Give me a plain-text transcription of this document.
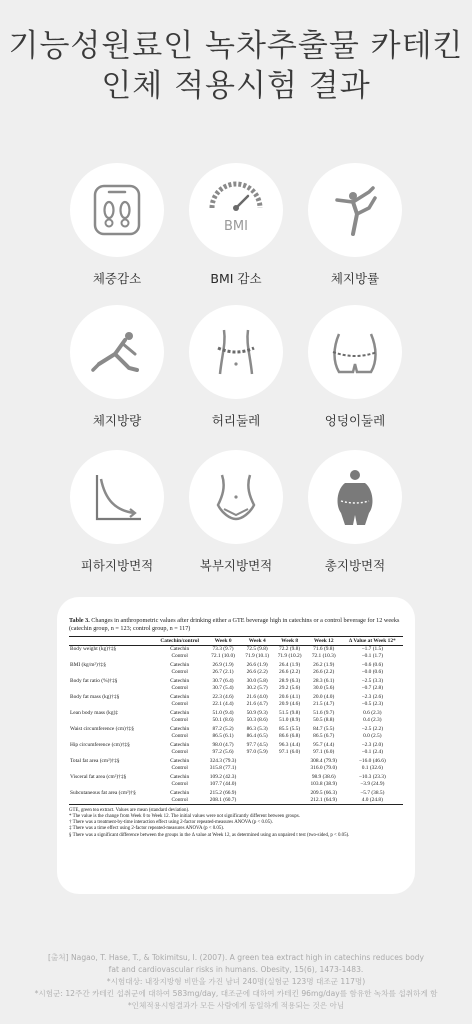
기능성원료인 녹차추출물 카테킨
인체 적용시험 결과
체중감소
BMI
BMI 감소	체지방률
체지방량	허리둘레	엉덩이둘레
피하지방면적	복부지방면적	총지방면적
Table 3. Changes in anthropometric values after drinking either a GTE beverage high in catechins or a control beverage for 12 weeks (catechin group, n = 123; control group, n = 117)
	Catechin/control	Week 0	Week 4	Week 8	Week 12	Δ Value at Week 12*
Body weight (kg)†‡§	Catechin	73.3 (9.7)	72.5 (9.8)	72.2 (9.8)	71.6 (9.8)	−1.7 (1.5)
	Control	72.1 (10.0)	71.9 (10.1)	71.9 (10.2)	72.1 (10.3)	−0.1 (1.7)
BMI (kg/m²)†‡§	Catechin	26.9 (1.9)	26.6 (1.9)	26.4 (1.9)	26.2 (1.9)	−0.6 (0.6)
	Control	26.7 (2.1)	26.6 (2.2)	26.6 (2.2)	26.6 (2.2)	−0.0 (0.6)
Body fat ratio (%)†‡§	Catechin	30.7 (6.4)	30.0 (5.8)	28.9 (6.3)	28.3 (6.1)	−2.5 (3.3)
	Control	30.7 (5.4)	30.2 (5.7)	29.2 (5.6)	30.0 (5.6)	−0.7 (2.8)
Body fat mass (kg)†‡§	Catechin	22.3 (4.6)	21.6 (4.0)	20.6 (4.1)	20.0 (4.0)	−2.3 (2.6)
	Control	22.1 (4.4)	21.6 (4.7)	20.9 (4.6)	21.5 (4.7)	−0.5 (2.3)
Lean body mass (kg)‡	Catechin	51.0 (9.4)	50.9 (9.3)	51.5 (9.8)	51.6 (9.7)	0.6 (2.3)
	Control	50.1 (8.6)	50.3 (8.6)	51.0 (8.9)	50.5 (8.8)	0.4 (2.3)
Waist circumference (cm)†‡§	Catechin	87.2 (5.2)	86.3 (5.3)	85.5 (5.5)	84.7 (5.5)	−2.5 (2.2)
	Control	86.5 (6.1)	86.4 (6.5)	86.6 (6.8)	86.5 (6.7)	0.0 (2.5)
Hip circumference (cm)†‡§	Catechin	98.0 (4.7)	97.7 (4.5)	96.3 (4.4)	95.7 (4.4)	−2.3 (2.0)
	Control	97.2 (5.6)	97.0 (5.9)	97.1 (6.0)	97.1 (6.0)	−0.1 (2.4)
Total fat area (cm²)†‡§	Catechin	324.3 (79.3)			308.4 (79.9)	−16.0 (46.6)
	Control	315.8 (77.1)			316.0 (79.0)	0.1 (32.6)
Visceral fat area (cm²)†‡§	Catechin	109.2 (42.3)			98.9 (38.6)	−10.3 (23.3)
	Control	107.7 (44.0)			103.8 (38.9)	−3.9 (24.9)
Subcutaneous fat area (cm²)†§	Catechin	215.2 (66.9)			209.5 (66.3)	−5.7 (38.5)
	Control	208.1 (60.7)			212.1 (64.9)	4.0 (24.8)
GTE, green tea extract. Values are mean (standard deviation).
* The value is the change from Week 0 to Week 12. The initial values were not significantly different between groups.
† There was a treatment-by-time interaction effect using 2-factor repeated-measures ANOVA (p < 0.05).
‡ There was a time effect using 2-factor repeated-measures ANOVA (p < 0.05).
§ There was a significant difference between the groups in the Δ value at Week 12, as determined using an unpaired t test (two-sided, p < 0.05).
[출처] Nagao, T. Hase, T., & Tokimitsu, I. (2007). A green tea extract high in catechins reduces body
fat and cardiovascular risks in humans. Obesity, 15(6), 1473-1483.
*시험대상: 내장지방형 비만을 가진 남녀 240명(실험군 123명 대조군 117명)
*시험군: 12주간 카테킨 섭취군에 대하여 583mg/day, 대조군에 대하여 카테킨 96mg/day를 함유한 녹차를 섭취하게 함
*인체적용시험결과가 모든 사람에게 동일하게 적용되는 것은 아님
